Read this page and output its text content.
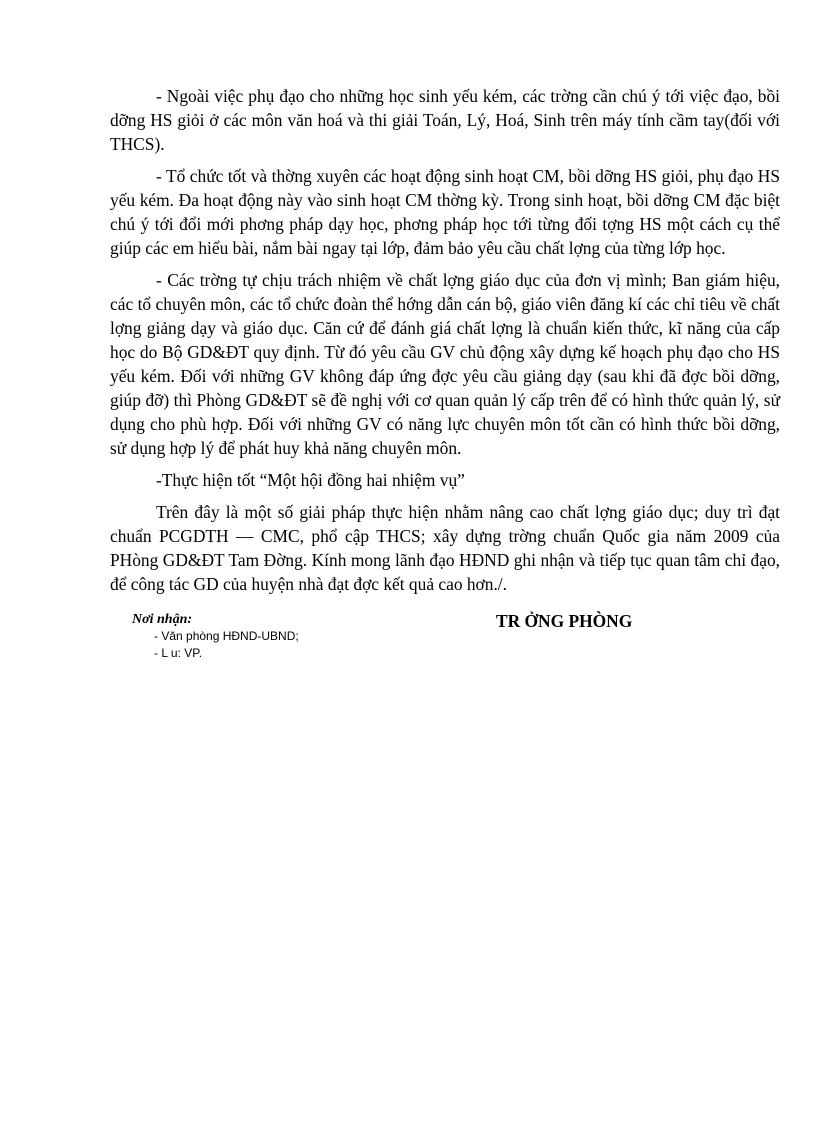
- Ngoài việc phụ đạo cho những học sinh yếu kém, các trờng cần chú ý tới việc đạo, bồi dỡng HS giỏi ở các môn văn hoá và thi giải Toán, Lý, Hoá, Sinh trên máy tính cầm tay(đối với THCS).

- Tổ chức tốt và thờng xuyên các hoạt động sinh hoạt CM, bồi dỡng HS giỏi, phụ đạo HS yếu kém. Đa hoạt động này vào sinh hoạt CM thờng kỳ. Trong sinh hoạt, bồi dỡng CM đặc biệt chú ý tới đổi mới phơng pháp dạy học, phơng pháp học tới từng đối tợng HS một cách cụ thể giúp các em hiểu bài, nắm bài ngay tại lớp, đảm bảo yêu cầu chất lợng của từng lớp học.

- Các trờng tự chịu trách nhiệm về chất lợng giáo dục của đơn vị mình; Ban giám hiệu, các tổ chuyên môn, các tổ chức đoàn thể hớng dẫn cán bộ, giáo viên đăng kí các chỉ tiêu về chất lợng giảng dạy và giáo dục. Căn cứ để đánh giá chất lợng là chuẩn kiến thức, kĩ năng của cấp học do Bộ GD&ĐT quy định. Từ đó yêu cầu GV chủ động xây dựng kế hoạch phụ đạo cho HS yếu kém. Đối với những GV không đáp ứng đợc yêu cầu giảng dạy (sau khi đã đợc bồi dỡng, giúp đỡ) thì Phòng GD&ĐT sẽ đề nghị với cơ quan quản lý cấp trên để có hình thức quản lý, sử dụng cho phù hợp. Đối với những GV có năng lực chuyên môn tốt cần có hình thức bồi dỡng, sử dụng hợp lý để phát huy khả năng chuyên môn.

-Thực hiện tốt “Một hội đồng hai nhiệm vụ”

Trên đây là một số giải pháp thực hiện nhằm nâng cao chất lợng giáo dục; duy trì đạt chuẩn PCGDTH — CMC, phổ cập THCS; xây dựng trờng chuẩn Quốc gia năm 2009 của PHòng GD&ĐT Tam Đờng. Kính mong lãnh đạo HĐND ghi nhận và tiếp tục quan tâm chỉ đạo, để công tác GD của huyện nhà đạt đợc kết quả cao hơn./.

Nơi nhận:

- Văn phòng HĐND-UBND;

- L u: VP.

TR ỞNG PHÒNG
